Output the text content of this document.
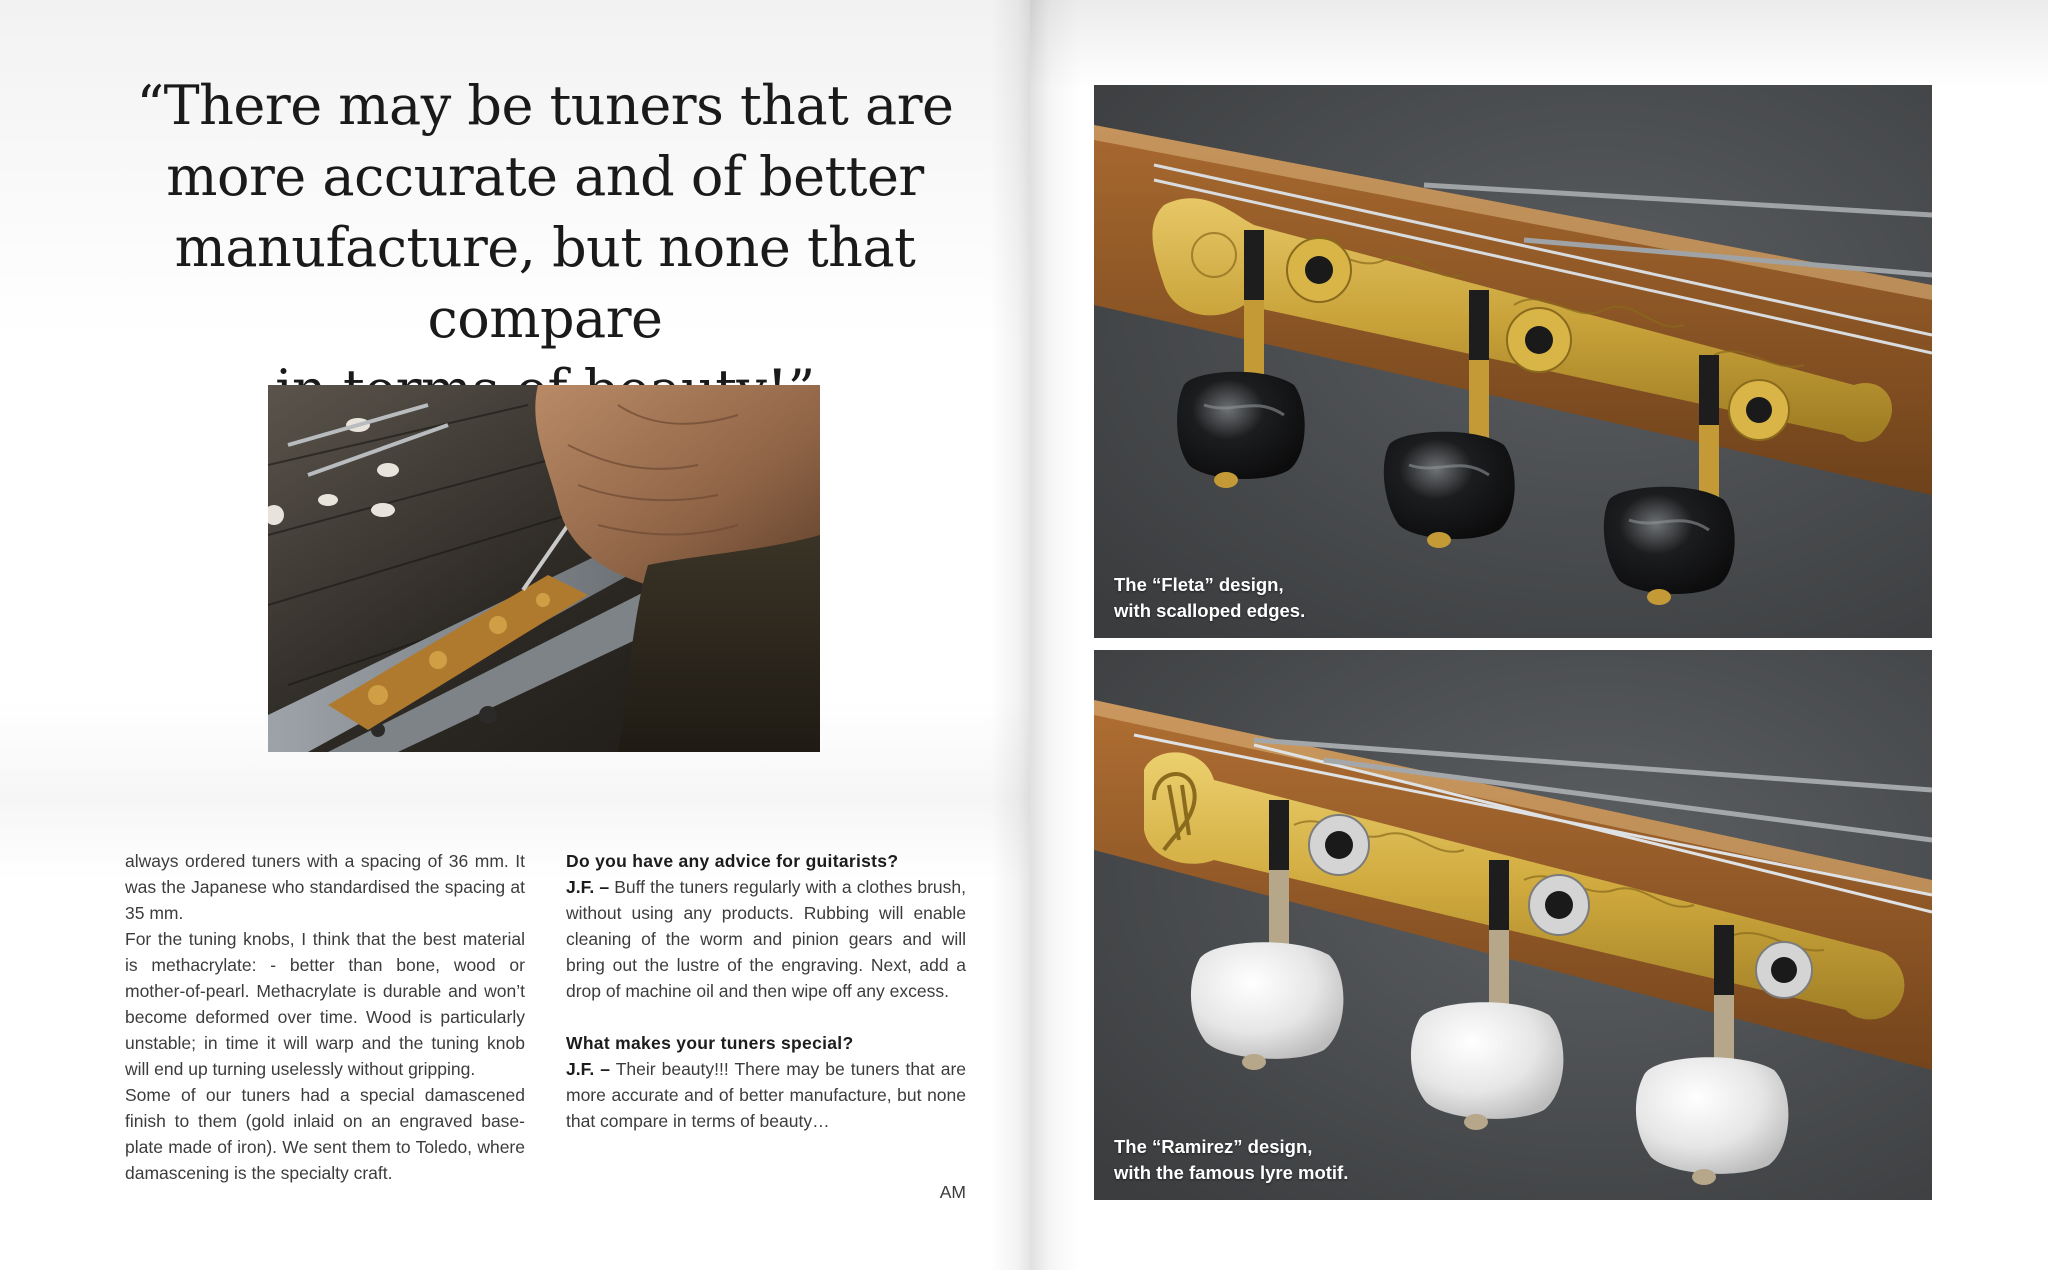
“There may be tuners that are
more accurate and of better
manufacture, but none that compare

always ordered tuners with a spacing of 36 mm. It was the Japanese who standardised the spacing at 35 mm.

For the tuning knobs, I think that the best material is methacrylate: - better than bone, wood or mother-of-pearl. Methacrylate is durable and won’t become deformed over time. Wood is particularly unstable; in time it will warp and the tuning knob will end up turning uselessly without gripping.

Some of our tuners had a special damascened finish to them (gold inlaid on an engraved base-plate made of iron). We sent them to Toledo, where damascening is the specialty craft.

Do you have any advice for guitarists?

J.F. – Buff the tuners regularly with a clothes brush, without using any products. Rubbing will enable cleaning of the worm and pinion gears and will bring out the lustre of the engraving. Next, add a drop of machine oil and then wipe off any excess.

What makes your tuners special?

J.F. – Their beauty!!! There may be tuners that are more accurate and of better manufacture, but none that compare in terms of beauty…

AM
The “Fleta” design,
with scalloped edges.
The “Ramirez” design,
with the famous lyre motif.
